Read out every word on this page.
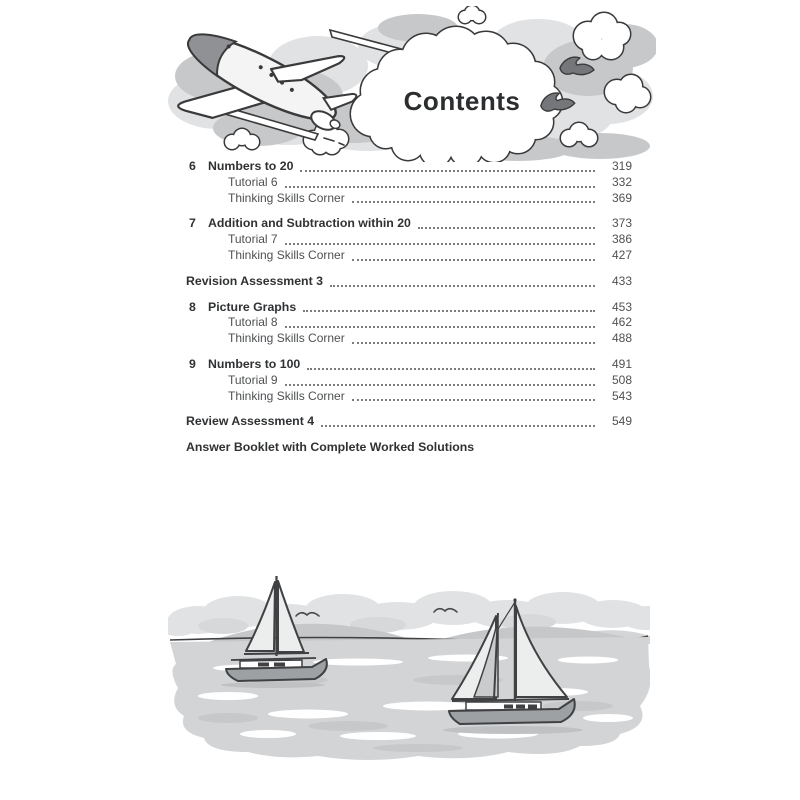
Contents
6 Numbers to 20	319
Tutorial 6	332
Thinking Skills Corner	369
7 Addition and Subtraction within 20	373
Tutorial 7	386
Thinking Skills Corner	427
Revision Assessment 3	433
8 Picture Graphs	453
Tutorial 8	462
Thinking Skills Corner	488
9 Numbers to 100	491
Tutorial 9	508
Thinking Skills Corner	543
Review Assessment 4	549
Answer Booklet with Complete Worked Solutions
